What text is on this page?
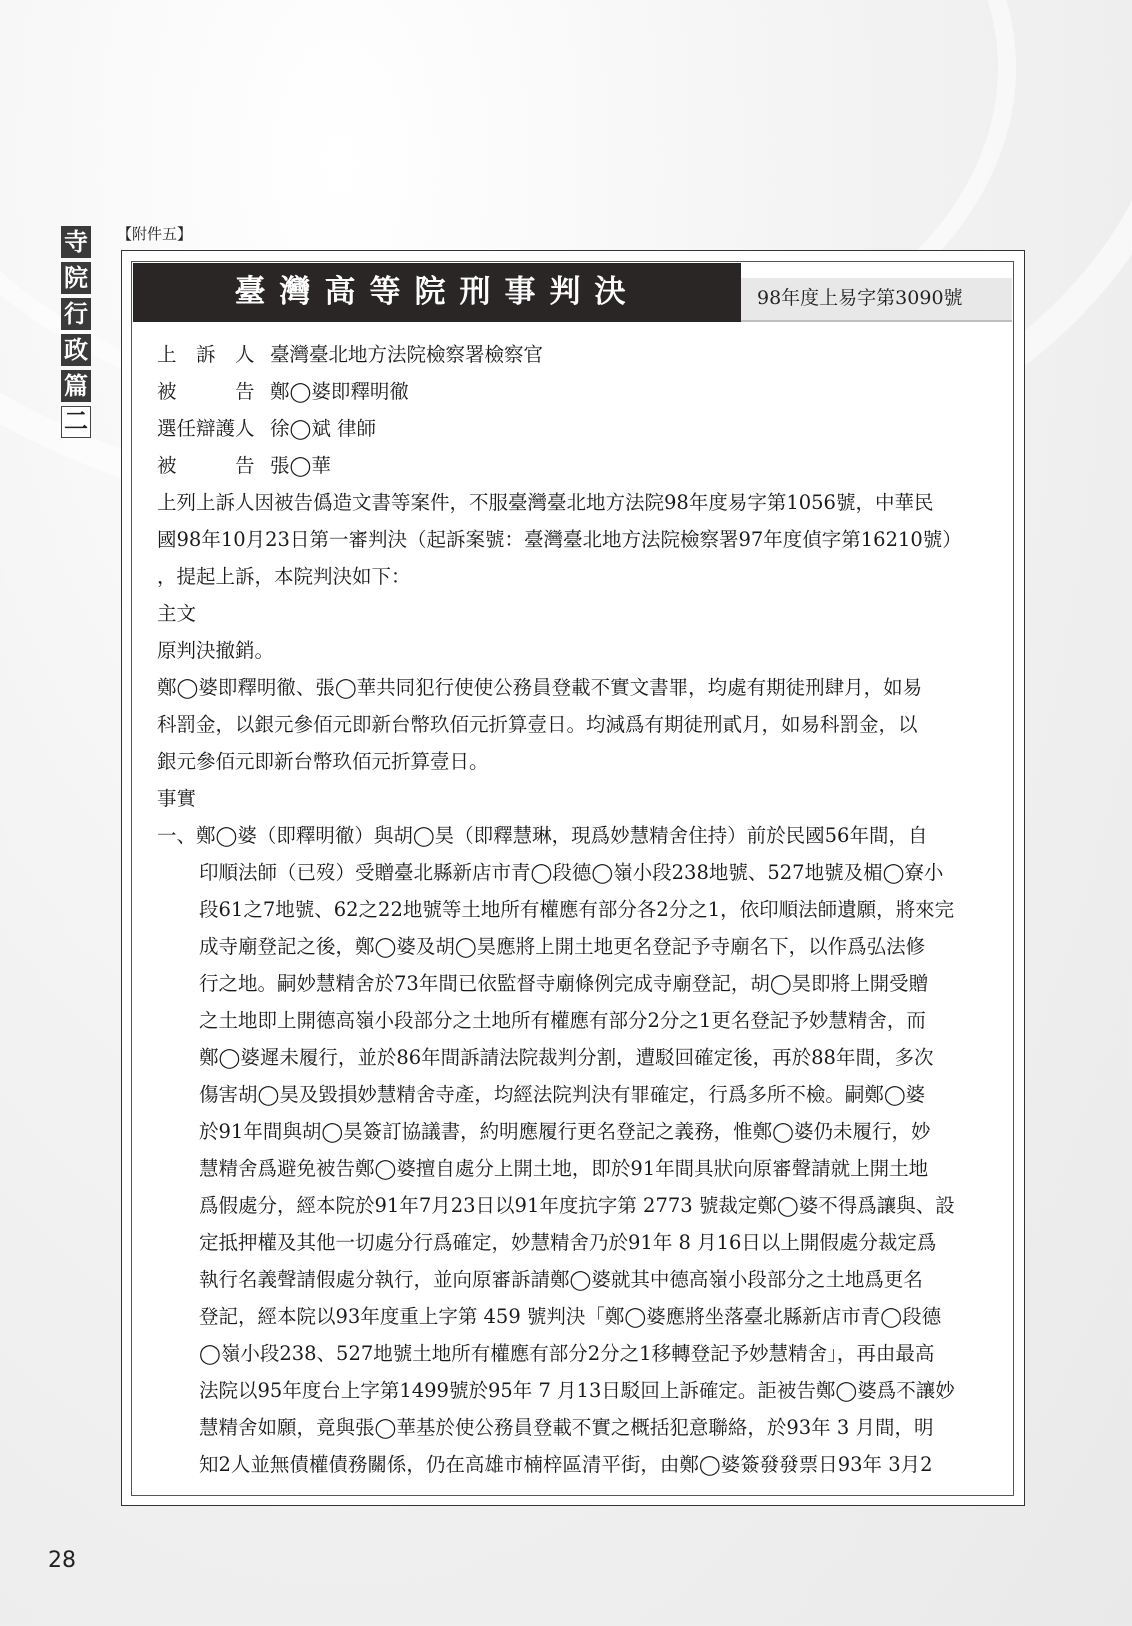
寺
院
行
政
篇
二
【附件五】
臺灣高等院刑事判決	98年度上易字第3090號
上　訴　人 臺灣臺北地方法院檢察署檢察官
被　　　告 鄭◯婆即釋明徹
選任辯護人 徐◯斌 律師
被　　　告 張◯華
上列上訴人因被告僞造文書等案件，不服臺灣臺北地方法院98年度易字第1056號，中華民
國98年10月23日第一審判決（起訴案號：臺灣臺北地方法院檢察署97年度偵字第16210號）
，提起上訴，本院判決如下：
主文
原判決撤銷。
鄭◯婆即釋明徹、張◯華共同犯行使使公務員登載不實文書罪，均處有期徒刑肆月，如易
科罰金，以銀元參佰元即新台幣玖佰元折算壹日。均減爲有期徒刑貳月，如易科罰金，以
銀元參佰元即新台幣玖佰元折算壹日。
事實
一、鄭◯婆（即釋明徹）與胡◯昊（即釋慧琳，現爲妙慧精舍住持）前於民國56年間，自
印順法師（已歿）受贈臺北縣新店市青◯段德◯嶺小段238地號、527地號及楣◯寮小
段61之7地號、62之22地號等土地所有權應有部分各2分之1，依印順法師遺願，將來完
成寺廟登記之後，鄭◯婆及胡◯昊應將上開土地更名登記予寺廟名下，以作爲弘法修
行之地。嗣妙慧精舍於73年間已依監督寺廟條例完成寺廟登記，胡◯昊即將上開受贈
之土地即上開德高嶺小段部分之土地所有權應有部分2分之1更名登記予妙慧精舍，而
鄭◯婆遲未履行，並於86年間訴請法院裁判分割，遭駁回確定後，再於88年間，多次
傷害胡◯昊及毀損妙慧精舍寺產，均經法院判決有罪確定，行爲多所不檢。嗣鄭◯婆
於91年間與胡◯昊簽訂協議書，約明應履行更名登記之義務，惟鄭◯婆仍未履行，妙
慧精舍爲避免被告鄭◯婆擅自處分上開土地，即於91年間具狀向原審聲請就上開土地
爲假處分，經本院於91年7月23日以91年度抗字第 2773 號裁定鄭◯婆不得爲讓與、設
定抵押權及其他一切處分行爲確定，妙慧精舍乃於91年 8 月16日以上開假處分裁定爲
執行名義聲請假處分執行，並向原審訴請鄭◯婆就其中德高嶺小段部分之土地爲更名
登記，經本院以93年度重上字第 459 號判決「鄭◯婆應將坐落臺北縣新店市青◯段德
◯嶺小段238、527地號土地所有權應有部分2分之1移轉登記予妙慧精舍」，再由最高
法院以95年度台上字第1499號於95年 7 月13日駁回上訴確定。詎被告鄭◯婆爲不讓妙
慧精舍如願，竟與張◯華基於使公務員登載不實之概括犯意聯絡，於93年 3 月間，明
知2人並無債權債務關係，仍在高雄市楠梓區清平街，由鄭◯婆簽發發票日93年 3月2
28
